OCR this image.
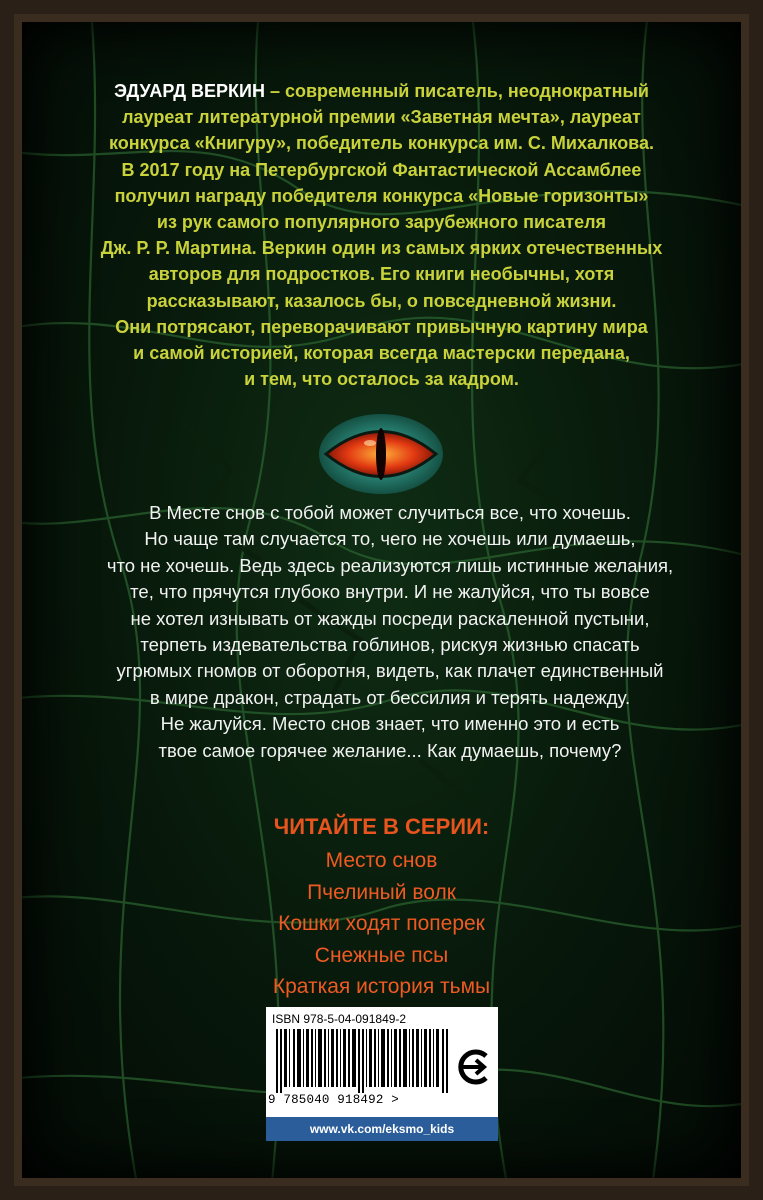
ЭДУАРД ВЕРКИН – современный писатель, неоднократный
лауреат литературной премии «Заветная мечта», лауреат
конкурса «Книгуру», победитель конкурса им. С. Михалкова.
В 2017 году на Петербургской Фантастической Ассамблее
получил награду победителя конкурса «Новые горизонты»
из рук самого популярного зарубежного писателя
Дж. Р. Р. Мартина. Веркин один из самых ярких отечественных
авторов для подростков. Его книги необычны, хотя
рассказывают, казалось бы, о повседневной жизни.
Они потрясают, переворачивают привычную картину мира
и самой историей, которая всегда мастерски передана,
и тем, что осталось за кадром.
В Месте снов с тобой может случиться все, что хочешь.
Но чаще там случается то, чего не хочешь или думаешь,
что не хочешь. Ведь здесь реализуются лишь истинные желания,
те, что прячутся глубоко внутри. И не жалуйся, что ты вовсе
не хотел изнывать от жажды посреди раскаленной пустыни,
терпеть издевательства гоблинов, рискуя жизнью спасать
угрюмых гномов от оборотня, видеть, как плачет единственный
в мире дракон, страдать от бессилия и терять надежду.
Не жалуйся. Место снов знает, что именно это и есть
твое самое горячее желание... Как думаешь, почему?
ЧИТАЙТЕ В СЕРИИ:
Место снов
Пчелиный волк
Кошки ходят поперек
Снежные псы
Краткая история тьмы
ISBN 978-5-04-091849-2
9 785040 918492 >
www.vk.com/eksmo_kids
